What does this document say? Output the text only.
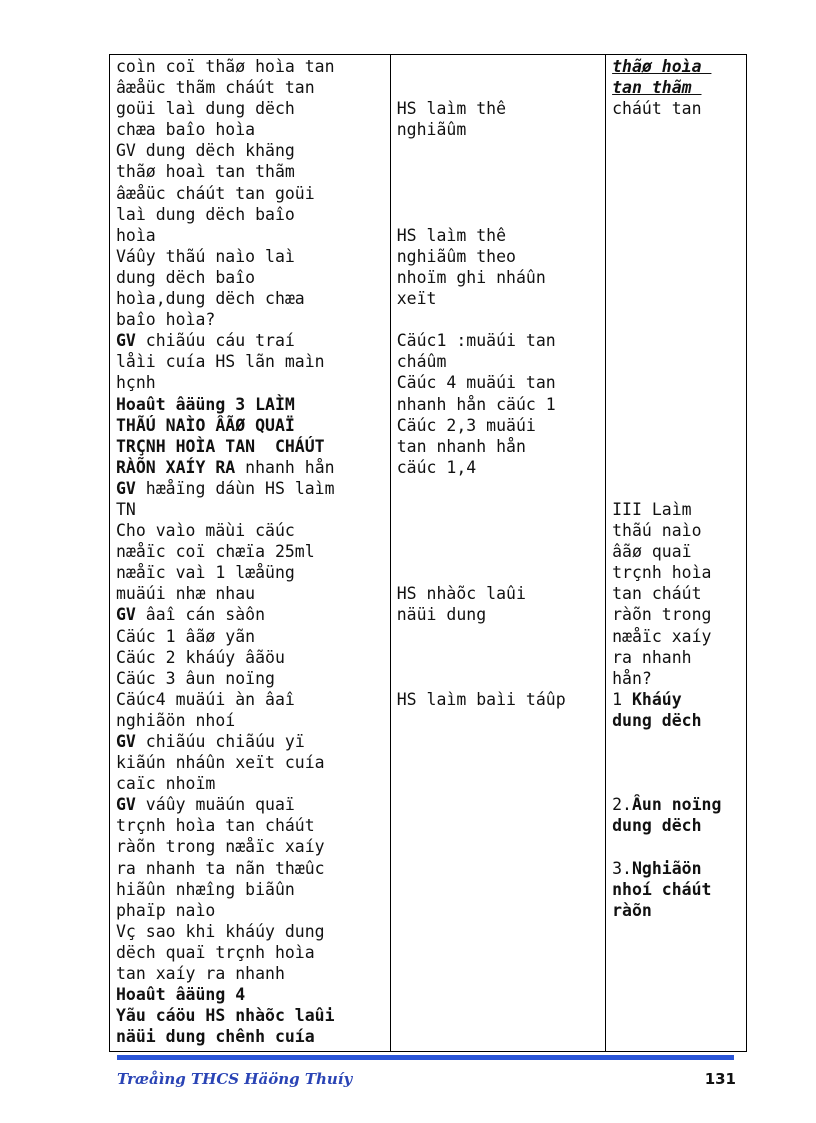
coìn coï thãø hoìa tan
âæåüc thãm cháút tan
goüi laì dung dëch
chæa baîo hoìa
GV dung dëch khäng
thãø hoaì tan thãm
âæåüc cháút tan goüi
laì dung dëch baîo
hoìa
Váûy thãú naìo laì
dung dëch baîo
hoìa,dung dëch chæa
baîo hoìa?
GV chiãúu cáu traí
låìi cuía HS lãn maìn
hçnh
Hoaût âäüng 3 LAÌM
THÃÚ NAÌO ÂÃØ QUAÏ
TRÇNH HOÌA TAN  CHÁÚT
RÀÕN XAÍY RA nhanh hån
GV hæåïng dáùn HS laìm
TN
Cho vaìo mäùi cäúc
næåïc coï chæïa 25ml
næåïc vaì 1 læåüng
muäúi nhæ nhau
GV âaî cán sàôn
Cäúc 1 âãø yãn
Cäúc 2 kháúy âãöu
Cäúc 3 âun noïng
Cäúc4 muäúi àn âaî
nghiãön nhoí
GV chiãúu chiãúu yï
kiãún nháûn xeït cuía
caïc nhoïm
GV váûy muäún quaï
trçnh hoìa tan cháút
ràõn trong næåïc xaíy
ra nhanh ta nãn thæûc
hiãûn nhæîng biãûn
phaïp naìo
Vç sao khi kháúy dung
dëch quaï trçnh hoìa
tan xaíy ra nhanh
Hoaût âäüng 4
Yãu cáöu HS nhàõc laûi
näüi dung chênh cuía

HS laìm thê
nghiãûm
HS laìm thê
nghiãûm theo
nhoïm ghi nháûn
xeït
Cäúc1 :muäúi tan
cháûm
Cäúc 4 muäúi tan
nhanh hån cäúc 1
Cäúc 2,3 muäúi
tan nhanh hån
cäúc 1,4
HS nhàõc laûi
näüi dung
HS laìm baìi táûp

thãø hoìa
tan thãm
cháút tan
III Laìm
thãú naìo
âãø quaï
trçnh hoìa
tan cháút
ràõn trong
næåïc xaíy
ra nhanh
hån?
1 Kháúy
dung dëch
2.Âun noïng
dung dëch
3.Nghiãön
nhoí cháút
ràõn
Træåìng THCS Häöng Thuíy	131
